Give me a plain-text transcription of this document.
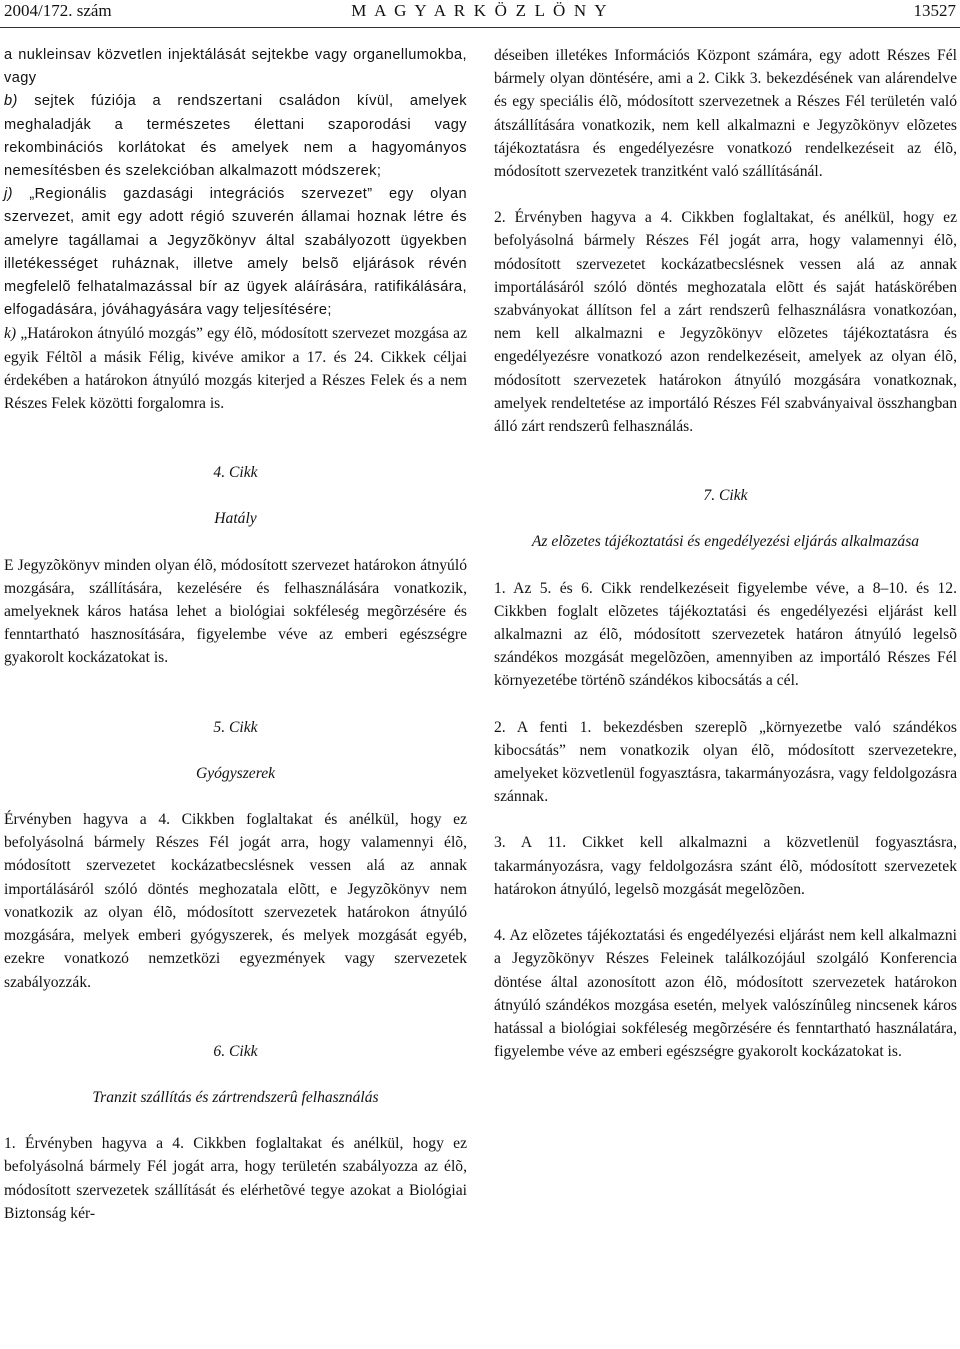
2004/172. szám	M A G Y A R K Ö Z L Ö N Y	13527

a nukleinsav közvetlen injektálását sejtekbe vagy organellumokba, vagy

b) sejtek fúziója a rendszertani családon kívül, amelyek meghaladják a természetes élettani szaporodási vagy rekombinációs korlátokat és amelyek nem a hagyományos nemesítésben és szelekcióban alkalmazott módszerek;

j) „Regionális gazdasági integrációs szervezet” egy olyan szervezet, amit egy adott régió szuverén államai hoznak létre és amelyre tagállamai a Jegyzõkönyv által szabályozott ügyekben illetékességet ruháznak, illetve amely belsõ eljárások révén megfelelõ felhatalmazással bír az ügyek aláírására, ratifikálására, elfogadására, jóváhagyására vagy teljesítésére;

k) „Határokon átnyúló mozgás” egy élõ, módosított szervezet mozgása az egyik Féltõl a másik Félig, kivéve amikor a 17. és 24. Cikkek céljai érdekében a határokon átnyúló mozgás kiterjed a Részes Felek és a nem Részes Felek közötti forgalomra is.

4. Cikk

Hatály

E Jegyzõkönyv minden olyan élõ, módosított szervezet határokon átnyúló mozgására, szállítására, kezelésére és felhasználására vonatkozik, amelyeknek káros hatása lehet a biológiai sokféleség megõrzésére és fenntartható hasznosítására, figyelembe véve az emberi egészségre gyakorolt kockázatokat is.

5. Cikk

Gyógyszerek

Érvényben hagyva a 4. Cikkben foglaltakat és anélkül, hogy ez befolyásolná bármely Részes Fél jogát arra, hogy valamennyi élõ, módosított szervezetet kockázatbecslésnek vessen alá az annak importálásáról szóló döntés meghozatala elõtt, e Jegyzõkönyv nem vonatkozik az olyan élõ, módosított szervezetek határokon átnyúló mozgására, melyek emberi gyógyszerek, és melyek mozgását egyéb, ezekre vonatkozó nemzetközi egyezmények vagy szervezetek szabályozzák.

6. Cikk

Tranzit szállítás és zártrendszerû felhasználás

1. Érvényben hagyva a 4. Cikkben foglaltakat és anélkül, hogy ez befolyásolná bármely Fél jogát arra, hogy területén szabályozza az élõ, módosított szervezetek szállítását és elérhetõvé tegye azokat a Biológiai Biztonság kér-

déseiben illetékes Információs Központ számára, egy adott Részes Fél bármely olyan döntésére, ami a 2. Cikk 3. bekezdésének van alárendelve és egy speciális élõ, módosított szervezetnek a Részes Fél területén való átszállítására vonatkozik, nem kell alkalmazni e Jegyzõkönyv elõzetes tájékoztatásra és engedélyezésre vonatkozó rendelkezéseit az élõ, módosított szervezetek tranzitként való szállításánál.

2. Érvényben hagyva a 4. Cikkben foglaltakat, és anélkül, hogy ez befolyásolná bármely Részes Fél jogát arra, hogy valamennyi élõ, módosított szervezetet kockázatbecslésnek vessen alá az annak importálásáról szóló döntés meghozatala elõtt és saját hatáskörében szabványokat állítson fel a zárt rendszerû felhasználásra vonatkozóan, nem kell alkalmazni e Jegyzõkönyv elõzetes tájékoztatásra és engedélyezésre vonatkozó azon rendelkezéseit, amelyek az olyan élõ, módosított szervezetek határokon átnyúló mozgására vonatkoznak, amelyek rendeltetése az importáló Részes Fél szabványaival összhangban álló zárt rendszerû felhasználás.

7. Cikk

Az elõzetes tájékoztatási és engedélyezési eljárás alkalmazása

1. Az 5. és 6. Cikk rendelkezéseit figyelembe véve, a 8–10. és 12. Cikkben foglalt elõzetes tájékoztatási és engedélyezési eljárást kell alkalmazni az élõ, módosított szervezetek határon átnyúló legelsõ szándékos mozgását megelõzõen, amennyiben az importáló Részes Fél környezetébe történõ szándékos kibocsátás a cél.

2. A fenti 1. bekezdésben szereplõ „környezetbe való szándékos kibocsátás” nem vonatkozik olyan élõ, módosított szervezetekre, amelyeket közvetlenül fogyasztásra, takarmányozásra, vagy feldolgozásra szánnak.

3. A 11. Cikket kell alkalmazni a közvetlenül fogyasztásra, takarmányozásra, vagy feldolgozásra szánt élõ, módosított szervezetek határokon átnyúló, legelsõ mozgását megelõzõen.

4. Az elõzetes tájékoztatási és engedélyezési eljárást nem kell alkalmazni a Jegyzõkönyv Részes Feleinek találkozójául szolgáló Konferencia döntése által azonosított azon élõ, módosított szervezetek határokon átnyúló szándékos mozgása esetén, melyek valószínûleg nincsenek káros hatással a biológiai sokféleség megõrzésére és fenntartható használatára, figyelembe véve az emberi egészségre gyakorolt kockázatokat is.
